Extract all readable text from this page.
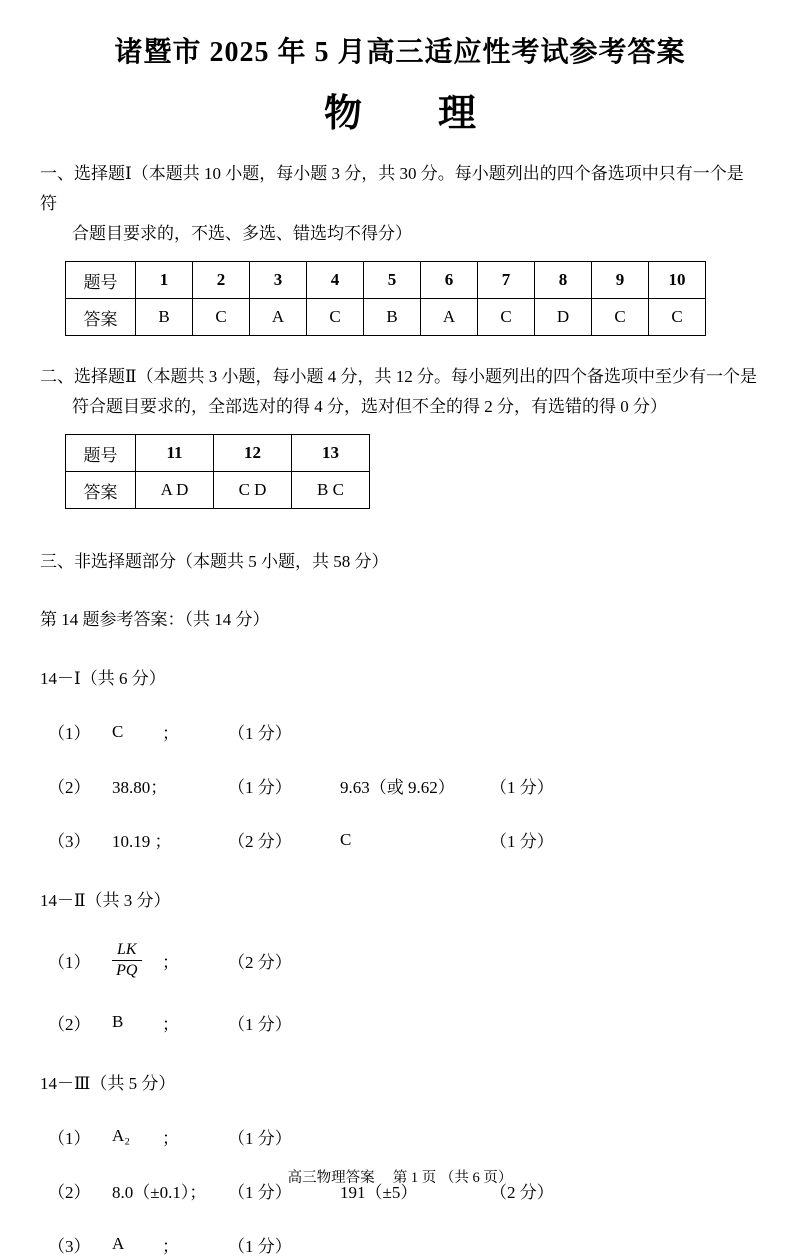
诸暨市 2025 年 5 月高三适应性考试参考答案
物　　理
一、选择题Ⅰ（本题共 10 小题，每小题 3 分，共 30 分。每小题列出的四个备选项中只有一个是符
合题目要求的，不选、多选、错选均不得分）
题号	1	2	3	4	5	6	7	8	9	10
答案	B	C	A	C	B	A	C	D	C	C
二、选择题Ⅱ（本题共 3 小题，每小题 4 分，共 12 分。每小题列出的四个备选项中至少有一个是
符合题目要求的，全部选对的得 4 分，选对但不全的得 2 分，有选错的得 0 分）
题号	11	12	13
答案	A D	C D	B C
三、非选择题部分（本题共 5 小题，共 58 分）
第 14 题参考答案：（共 14 分）
14－Ⅰ（共 6 分）
（1）	C	；	（1 分）
（2）	38.80；	（1 分）	9.63（或 9.62）	（1 分）
（3）	10.19 ；	（2 分）	C	（1 分）
14－Ⅱ（共 3 分）
（1）	$\frac{LK}{PQ}$ ；	（2 分）
（2）	B	；	（1 分）
14－Ⅲ（共 5 分）
（1）	A₂	；	（1 分）
（2）	8.0（±0.1）； （1 分）	191（±5）	（2 分）
（3）	A	；	（1 分）
高三物理答案　 第 1 页 （共 6 页）
